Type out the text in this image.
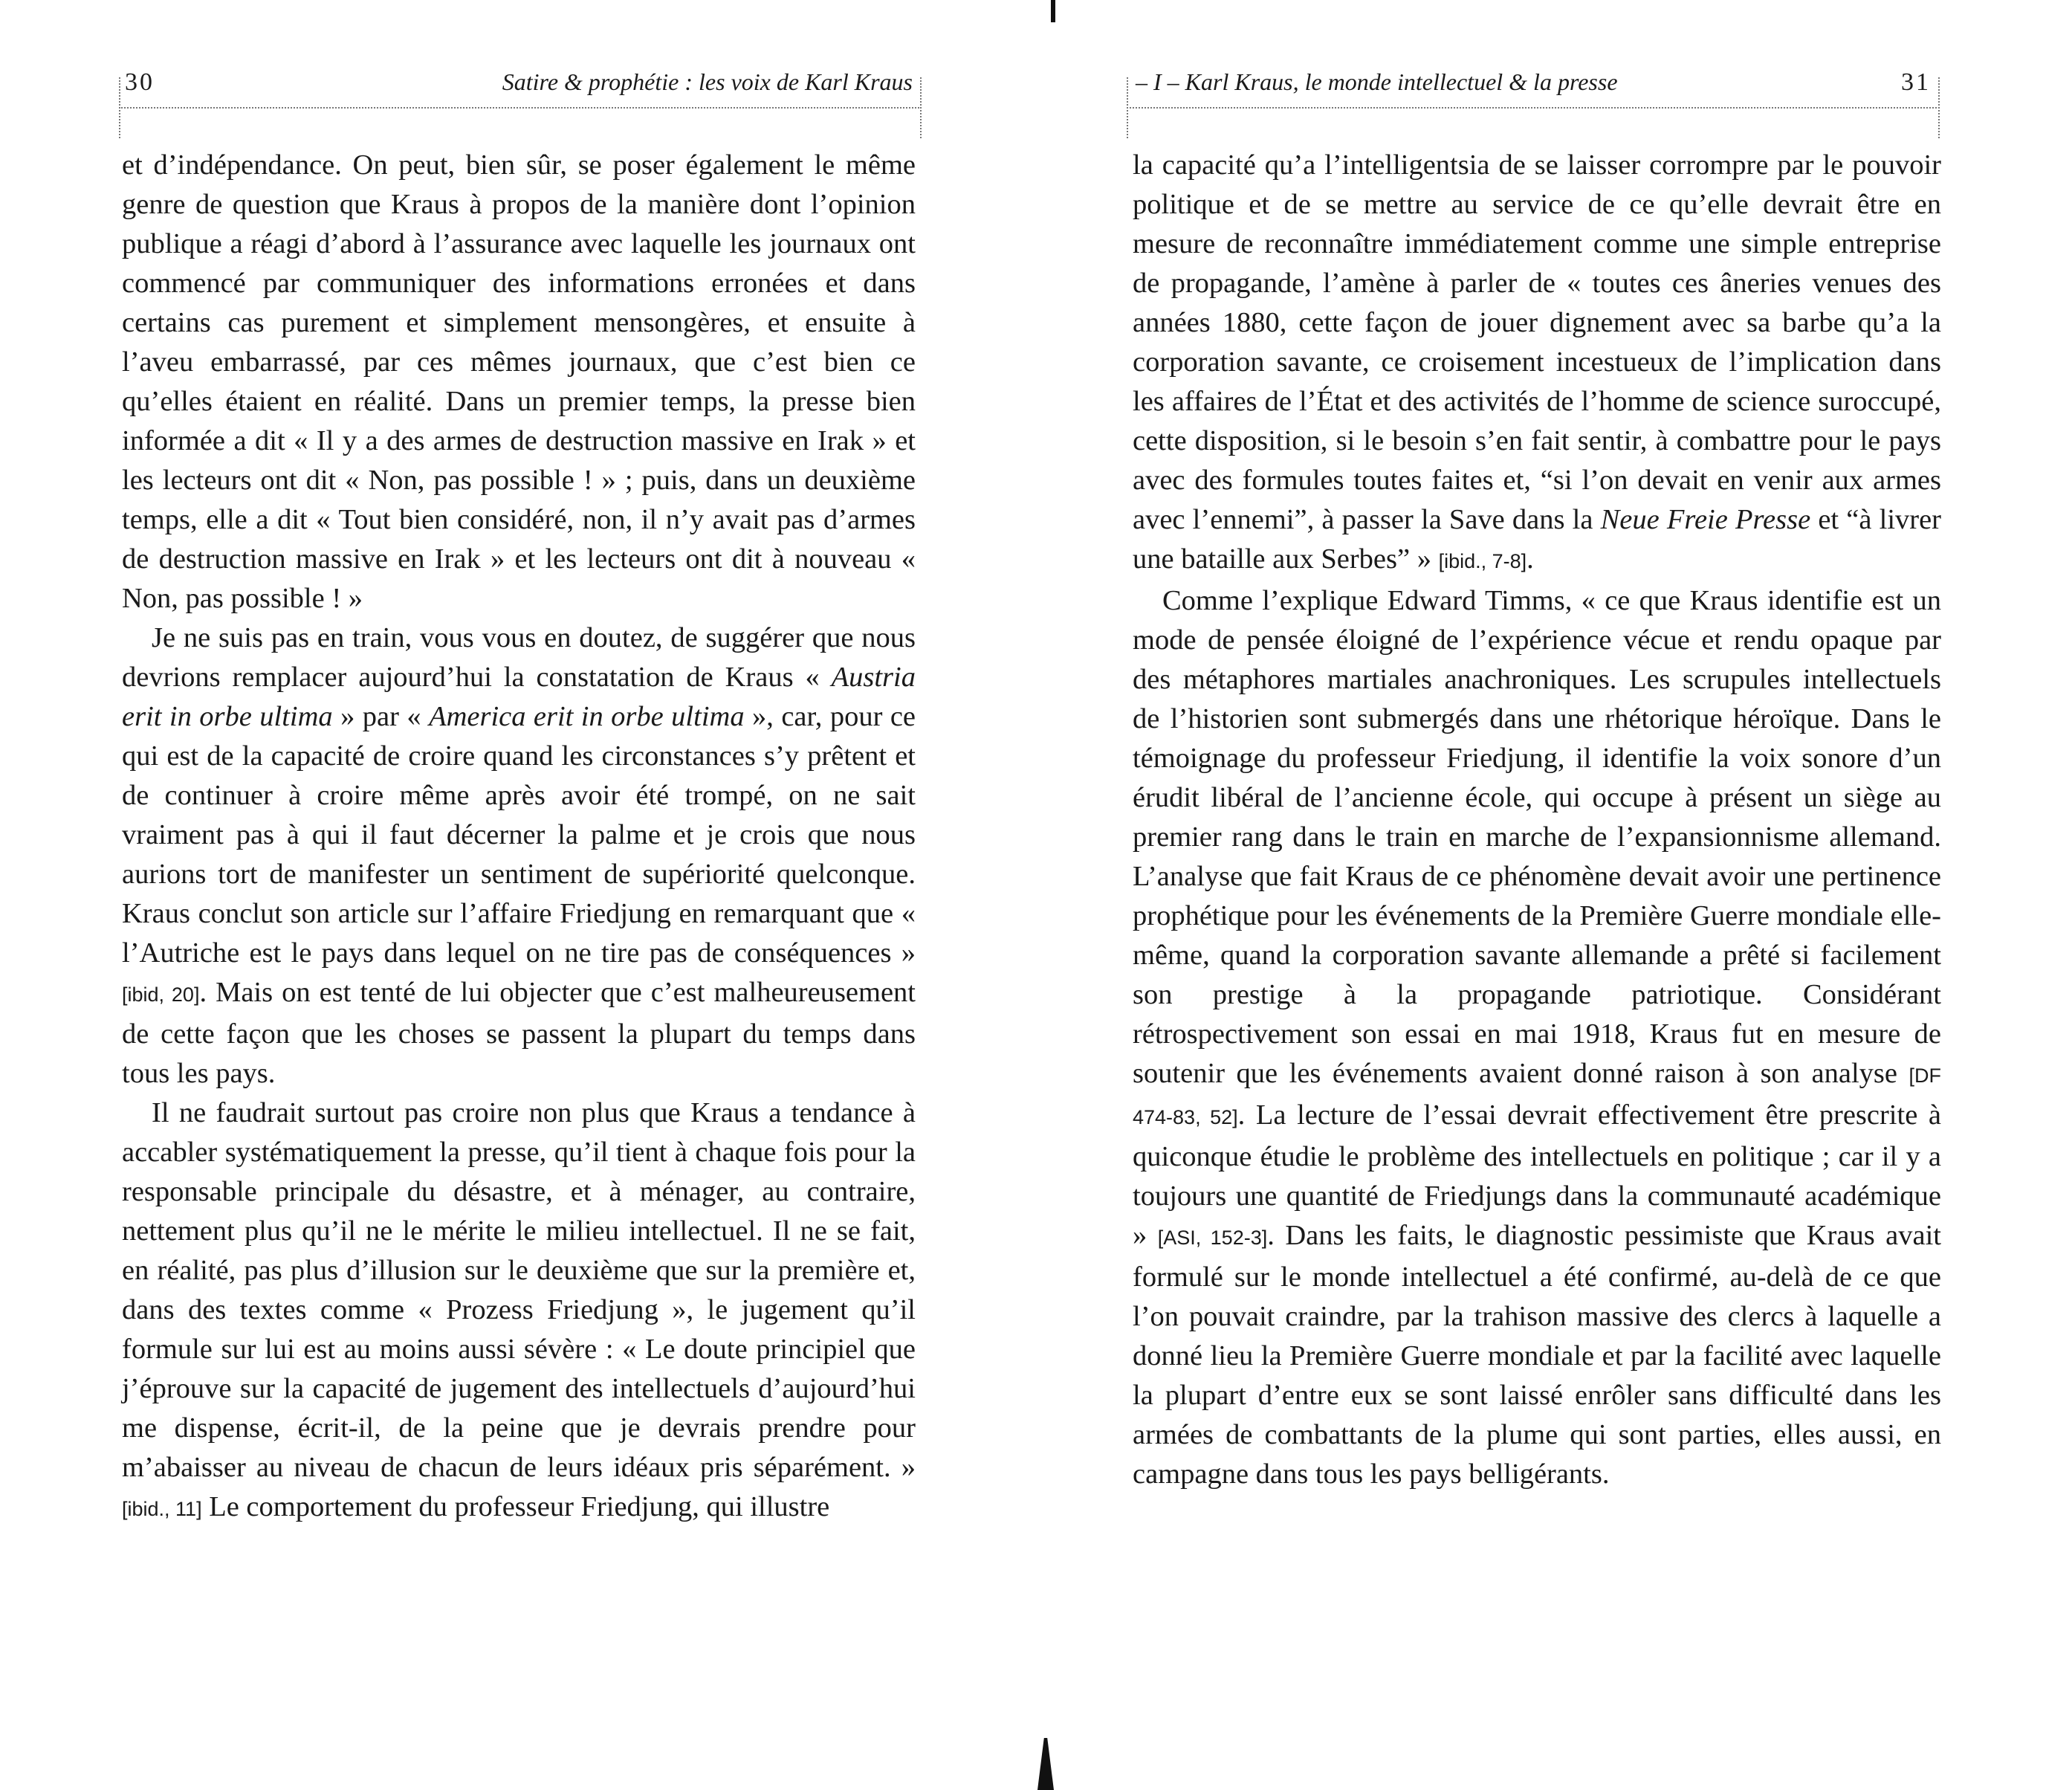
30	Satire & prophétie : les voix de Karl Kraus

et d’indépendance. On peut, bien sûr, se poser également le même genre de question que Kraus à propos de la manière dont l’opinion publique a réagi d’abord à l’assurance avec laquelle les journaux ont commencé par communiquer des informations erronées et dans certains cas purement et simplement mensongères, et ensuite à l’aveu embarrassé, par ces mêmes journaux, que c’est bien ce qu’elles étaient en réalité. Dans un premier temps, la presse bien informée a dit « Il y a des armes de destruction massive en Irak » et les lecteurs ont dit « Non, pas possible ! » ; puis, dans un deuxième temps, elle a dit « Tout bien considéré, non, il n’y avait pas d’armes de destruction massive en Irak » et les lecteurs ont dit à nouveau « Non, pas possible ! »

Je ne suis pas en train, vous vous en doutez, de suggérer que nous devrions remplacer aujourd’hui la constatation de Kraus « Austria erit in orbe ultima » par « America erit in orbe ultima », car, pour ce qui est de la capacité de croire quand les circonstances s’y prêtent et de continuer à croire même après avoir été trompé, on ne sait vraiment pas à qui il faut décerner la palme et je crois que nous aurions tort de manifester un sentiment de supériorité quelconque. Kraus conclut son article sur l’affaire Friedjung en remarquant que « l’Autriche est le pays dans lequel on ne tire pas de conséquences » [ibid, 20]. Mais on est tenté de lui objecter que c’est malheureusement de cette façon que les choses se passent la plupart du temps dans tous les pays.

Il ne faudrait surtout pas croire non plus que Kraus a tendance à accabler systématiquement la presse, qu’il tient à chaque fois pour la responsable principale du désastre, et à ménager, au contraire, nettement plus qu’il ne le mérite le milieu intellectuel. Il ne se fait, en réalité, pas plus d’illusion sur le deuxième que sur la première et, dans des textes comme « Prozess Friedjung », le jugement qu’il formule sur lui est au moins aussi sévère : « Le doute principiel que j’éprouve sur la capacité de jugement des intellectuels d’aujourd’hui me dispense, écrit-il, de la peine que je devrais prendre pour m’abaisser au niveau de chacun de leurs idéaux pris séparément. » [ibid., 11] Le comportement du professeur Friedjung, qui illustre

– I – Karl Kraus, le monde intellectuel & la presse	31

la capacité qu’a l’intelligentsia de se laisser corrompre par le pouvoir politique et de se mettre au service de ce qu’elle devrait être en mesure de reconnaître immédiatement comme une simple entreprise de propagande, l’amène à parler de « toutes ces âneries venues des années 1880, cette façon de jouer dignement avec sa barbe qu’a la corporation savante, ce croisement incestueux de l’implication dans les affaires de l’État et des activités de l’homme de science suroccupé, cette disposition, si le besoin s’en fait sentir, à combattre pour le pays avec des formules toutes faites et, “si l’on devait en venir aux armes avec l’ennemi”, à passer la Save dans la Neue Freie Presse et “à livrer une bataille aux Serbes” » [ibid., 7-8].

Comme l’explique Edward Timms, « ce que Kraus identifie est un mode de pensée éloigné de l’expérience vécue et rendu opaque par des métaphores martiales anachroniques. Les scrupules intellectuels de l’historien sont submergés dans une rhétorique héroïque. Dans le témoignage du professeur Friedjung, il identifie la voix sonore d’un érudit libéral de l’ancienne école, qui occupe à présent un siège au premier rang dans le train en marche de l’expansionnisme allemand. L’analyse que fait Kraus de ce phénomène devait avoir une pertinence prophétique pour les événements de la Première Guerre mondiale elle-même, quand la corporation savante allemande a prêté si facilement son prestige à la propagande patriotique. Considérant rétrospectivement son essai en mai 1918, Kraus fut en mesure de soutenir que les événements avaient donné raison à son analyse [DF 474-83, 52]. La lecture de l’essai devrait effectivement être prescrite à quiconque étudie le problème des intellectuels en politique ; car il y a toujours une quantité de Friedjungs dans la communauté académique » [ASI, 152-3]. Dans les faits, le diagnostic pessimiste que Kraus avait formulé sur le monde intellectuel a été confirmé, au-delà de ce que l’on pouvait craindre, par la trahison massive des clercs à laquelle a donné lieu la Première Guerre mondiale et par la facilité avec laquelle la plupart d’entre eux se sont laissé enrôler sans difficulté dans les armées de combattants de la plume qui sont parties, elles aussi, en campagne dans tous les pays belligérants.
